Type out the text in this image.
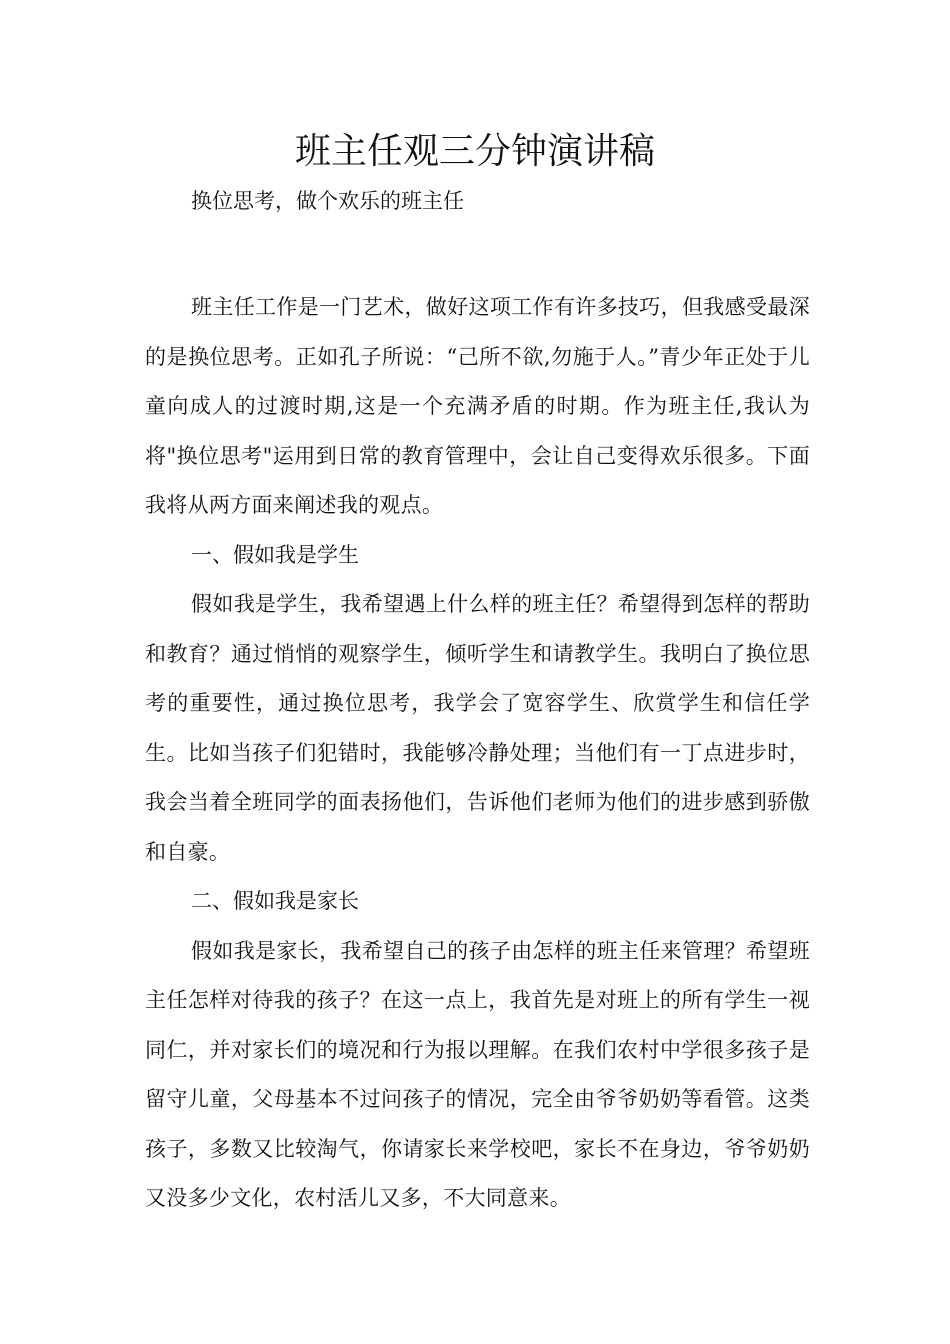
班主任观三分钟演讲稿

换位思考，做个欢乐的班主任

班主任工作是一门艺术，做好这项工作有许多技巧，但我感受最深的是换位思考。正如孔子所说：“己所不欲,勿施于人。”青少年正处于儿童向成人的过渡时期,这是一个充满矛盾的时期。作为班主任,我认为将"换位思考"运用到日常的教育管理中，会让自己变得欢乐很多。下面我将从两方面来阐述我的观点。

一、假如我是学生

假如我是学生，我希望遇上什么样的班主任？希望得到怎样的帮助和教育？通过悄悄的观察学生，倾听学生和请教学生。我明白了换位思考的重要性，通过换位思考，我学会了宽容学生、欣赏学生和信任学生。比如当孩子们犯错时，我能够冷静处理；当他们有一丁点进步时，我会当着全班同学的面表扬他们，告诉他们老师为他们的进步感到骄傲和自豪。

二、假如我是家长

假如我是家长，我希望自己的孩子由怎样的班主任来管理？希望班主任怎样对待我的孩子？在这一点上，我首先是对班上的所有学生一视同仁，并对家长们的境况和行为报以理解。在我们农村中学很多孩子是留守儿童，父母基本不过问孩子的情况，完全由爷爷奶奶等看管。这类孩子，多数又比较淘气，你请家长来学校吧，家长不在身边，爷爷奶奶又没多少文化，农村活儿又多，不大同意来。
